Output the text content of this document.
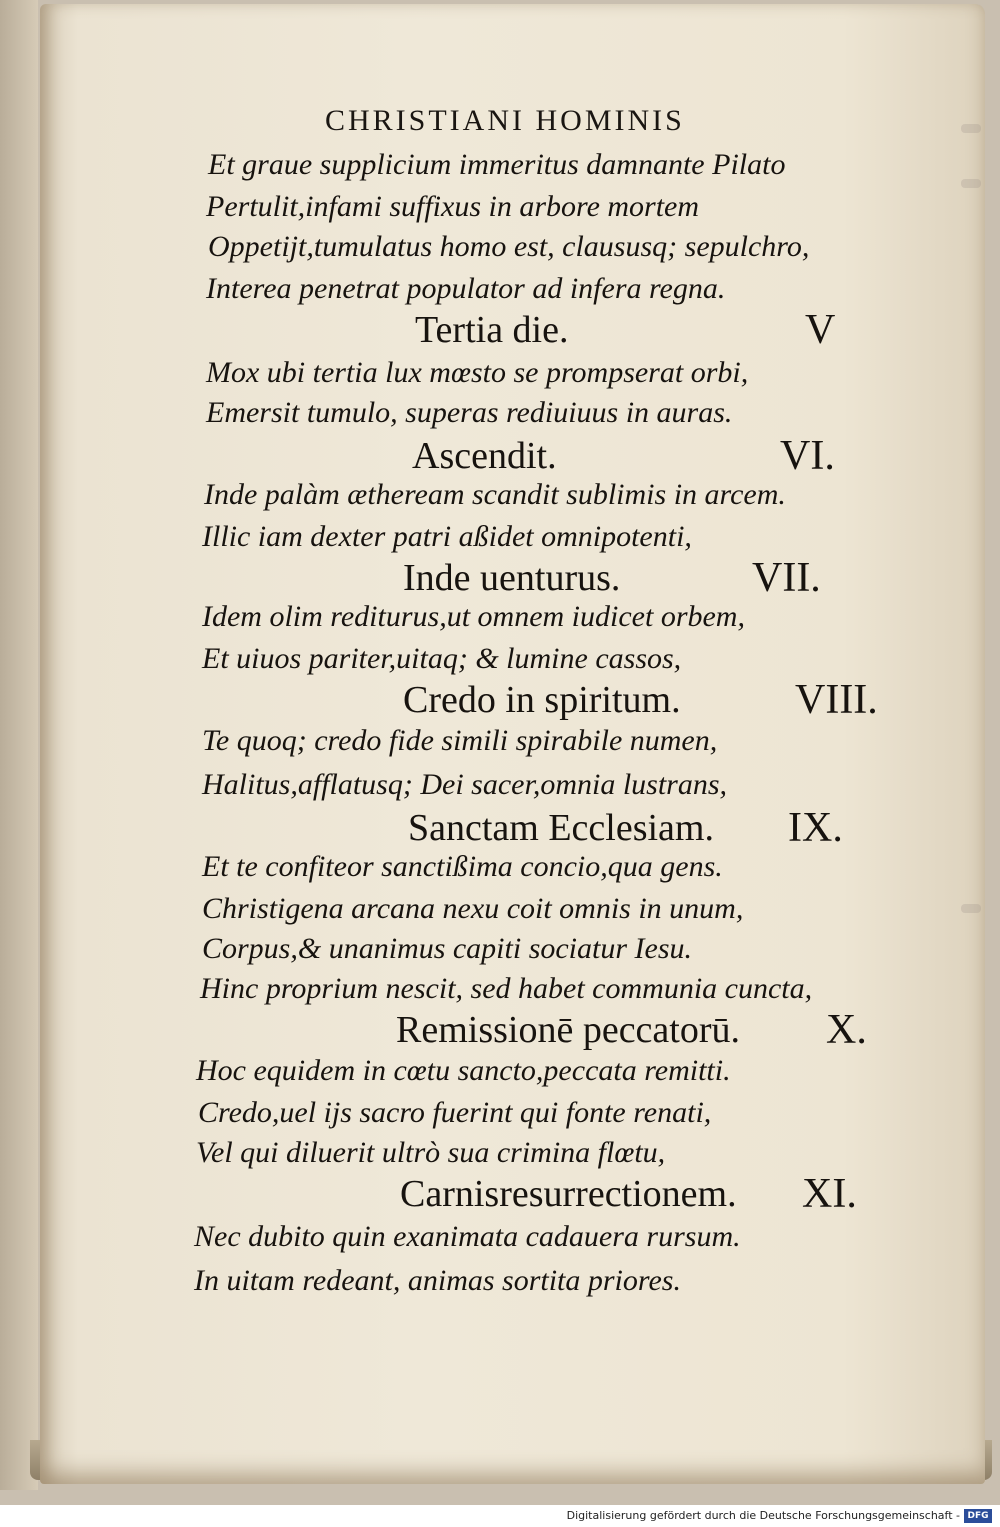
CHRISTIANI HOMINIS
Et graue supplicium immeritus damnante Pilato
Pertulit,infami suffixus in arbore mortem
Oppetijt,tumulatus homo est, claususq; sepulchro,
Interea penetrat populator ad infera regna.
Tertia die.	V
Mox ubi tertia lux mœsto se prompserat orbi,
Emersit tumulo, superas rediuiuus in auras.
Ascendit.	VI.
Inde palàm ætheream scandit sublimis in arcem.
Illic iam dexter patri aßidet omnipotenti,
Inde uenturus.	VII.
Idem olim rediturus,ut omnem iudicet orbem,
Et uiuos pariter,uitaq; & lumine cassos,
Credo in spiritum.	VIII.
Te quoq; credo fide simili spirabile numen,
Halitus,afflatusq; Dei sacer,omnia lustrans,
Sanctam Ecclesiam. IX.
Et te confiteor sanctißima concio,qua gens.
Christigena arcana nexu coit omnis in unum,
Corpus,& unanimus capiti sociatur Iesu.
Hinc proprium nescit, sed habet communia cuncta,
Remissionē peccatorū. X.
Hoc equidem in cœtu sancto,peccata remitti.
Credo,uel ijs sacro fuerint qui fonte renati,
Vel qui diluerit ultrò sua crimina flœtu,
Carnisresurrectionem. XI.
Nec dubito quin exanimata cadauera rursum.
In uitam redeant, animas sortita priores.
Digitalisierung gefördert durch die Deutsche Forschungsgemeinschaft - DFG
